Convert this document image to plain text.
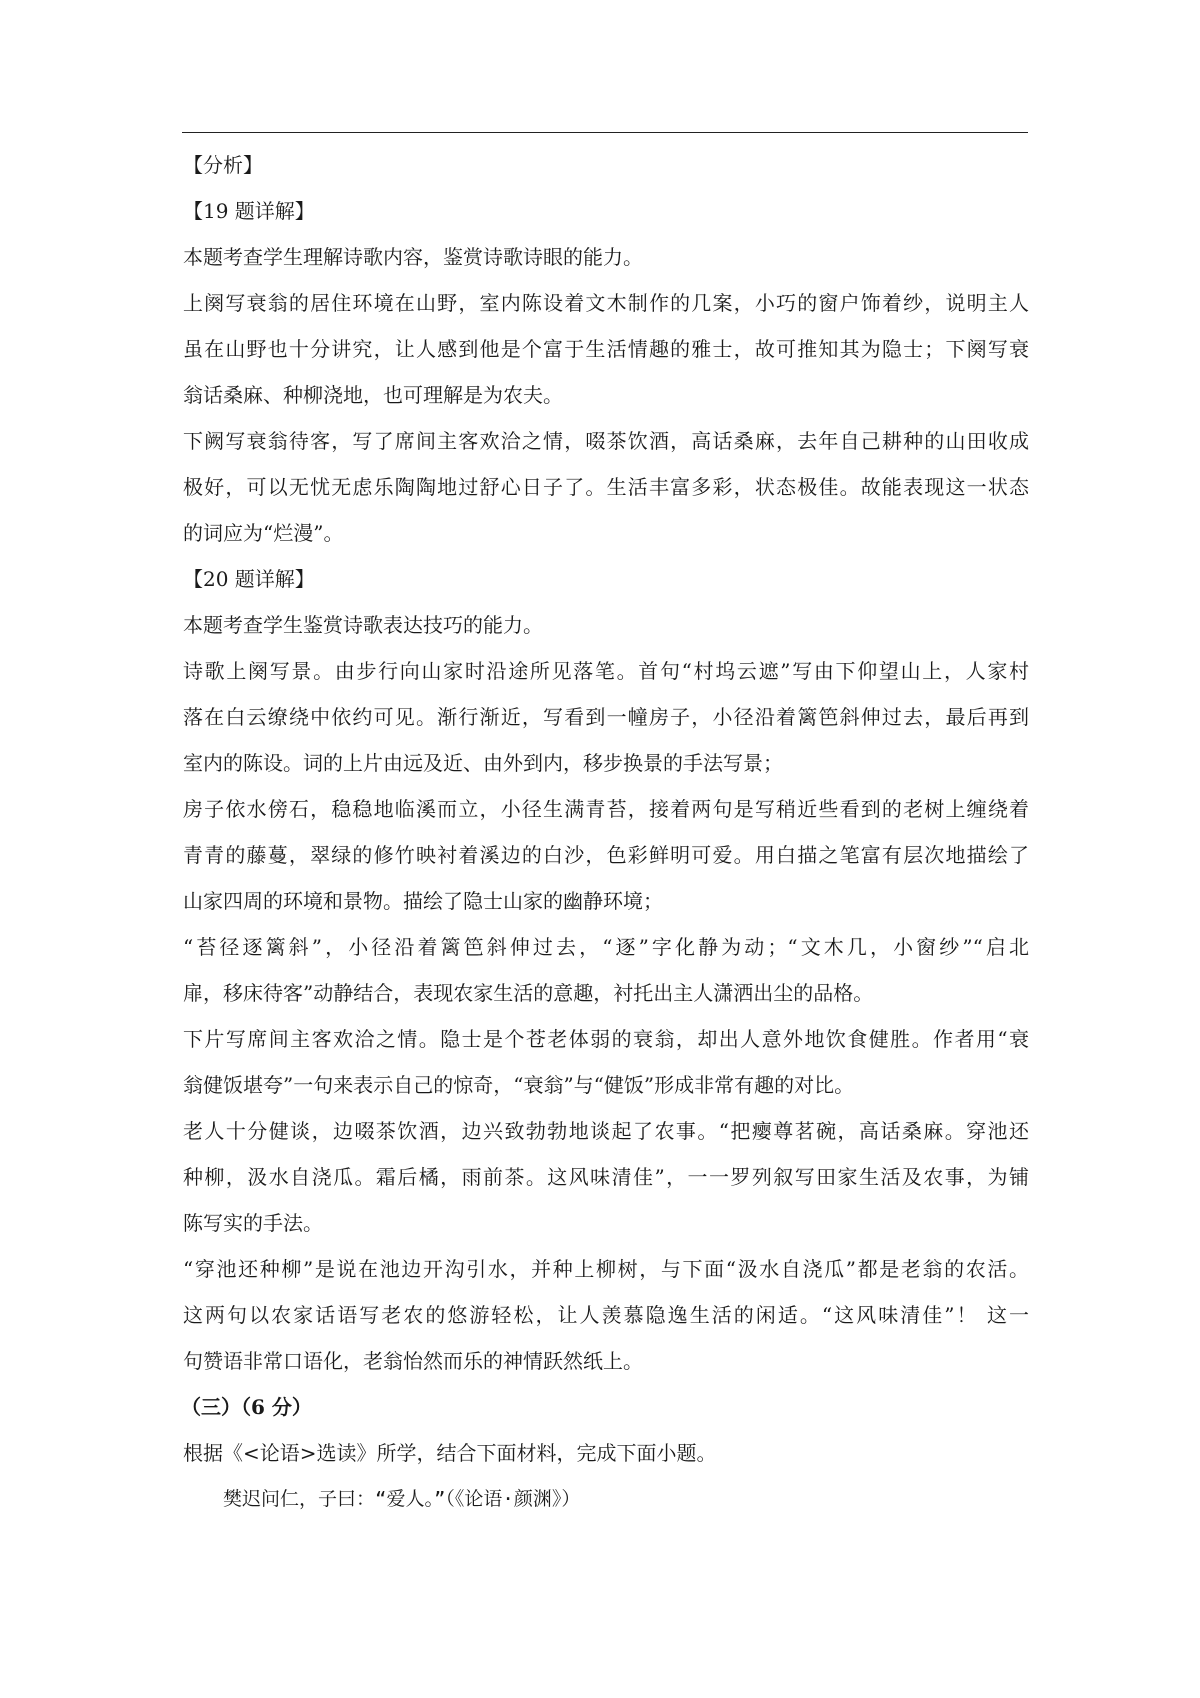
【分析】
【19 题详解】
本题考查学生理解诗歌内容，鉴赏诗歌诗眼的能力。
上阕写衰翁的居住环境在山野，室内陈设着文木制作的几案，小巧的窗户饰着纱，说明主人
虽在山野也十分讲究，让人感到他是个富于生活情趣的雅士，故可推知其为隐士；下阕写衰
翁话桑麻、种柳浇地，也可理解是为农夫。
下阙写衰翁待客，写了席间主客欢洽之情，啜茶饮酒，高话桑麻，去年自己耕种的山田收成
极好，可以无忧无虑乐陶陶地过舒心日子了。生活丰富多彩，状态极佳。故能表现这一状态
的词应为“烂漫”。
【20 题详解】
本题考查学生鉴赏诗歌表达技巧的能力。
诗歌上阕写景。由步行向山家时沿途所见落笔。首句“村坞云遮”写由下仰望山上，人家村
落在白云缭绕中依约可见。渐行渐近，写看到一幢房子，小径沿着篱笆斜伸过去，最后再到
室内的陈设。词的上片由远及近、由外到内，移步换景的手法写景；
房子依水傍石，稳稳地临溪而立，小径生满青苔，接着两句是写稍近些看到的老树上缠绕着
青青的藤蔓，翠绿的修竹映衬着溪边的白沙，色彩鲜明可爱。用白描之笔富有层次地描绘了
山家四周的环境和景物。描绘了隐士山家的幽静环境；
“苔径逐篱斜”，小径沿着篱笆斜伸过去，“逐”字化静为动；“文木几，小窗纱”“启北
扉，移床待客”动静结合，表现农家生活的意趣，衬托出主人潇洒出尘的品格。
下片写席间主客欢洽之情。隐士是个苍老体弱的衰翁，却出人意外地饮食健胜。作者用“衰
翁健饭堪夸”一句来表示自己的惊奇，“衰翁”与“健饭”形成非常有趣的对比。
老人十分健谈，边啜茶饮酒，边兴致勃勃地谈起了农事。“把瘿尊茗碗，高话桑麻。穿池还
种柳，汲水自浇瓜。霜后橘，雨前茶。这风味清佳”，一一罗列叙写田家生活及农事，为铺
陈写实的手法。
“穿池还种柳”是说在池边开沟引水，并种上柳树，与下面“汲水自浇瓜”都是老翁的农活。
这两句以农家话语写老农的悠游轻松，让人羡慕隐逸生活的闲适。“这风味清佳”！ 这一
句赞语非常口语化，老翁怡然而乐的神情跃然纸上。
（三）（6 分）
根据《<论语>选读》所学，结合下面材料，完成下面小题。
樊迟问仁，子曰：“爱人。”（《论语·颜渊》）
